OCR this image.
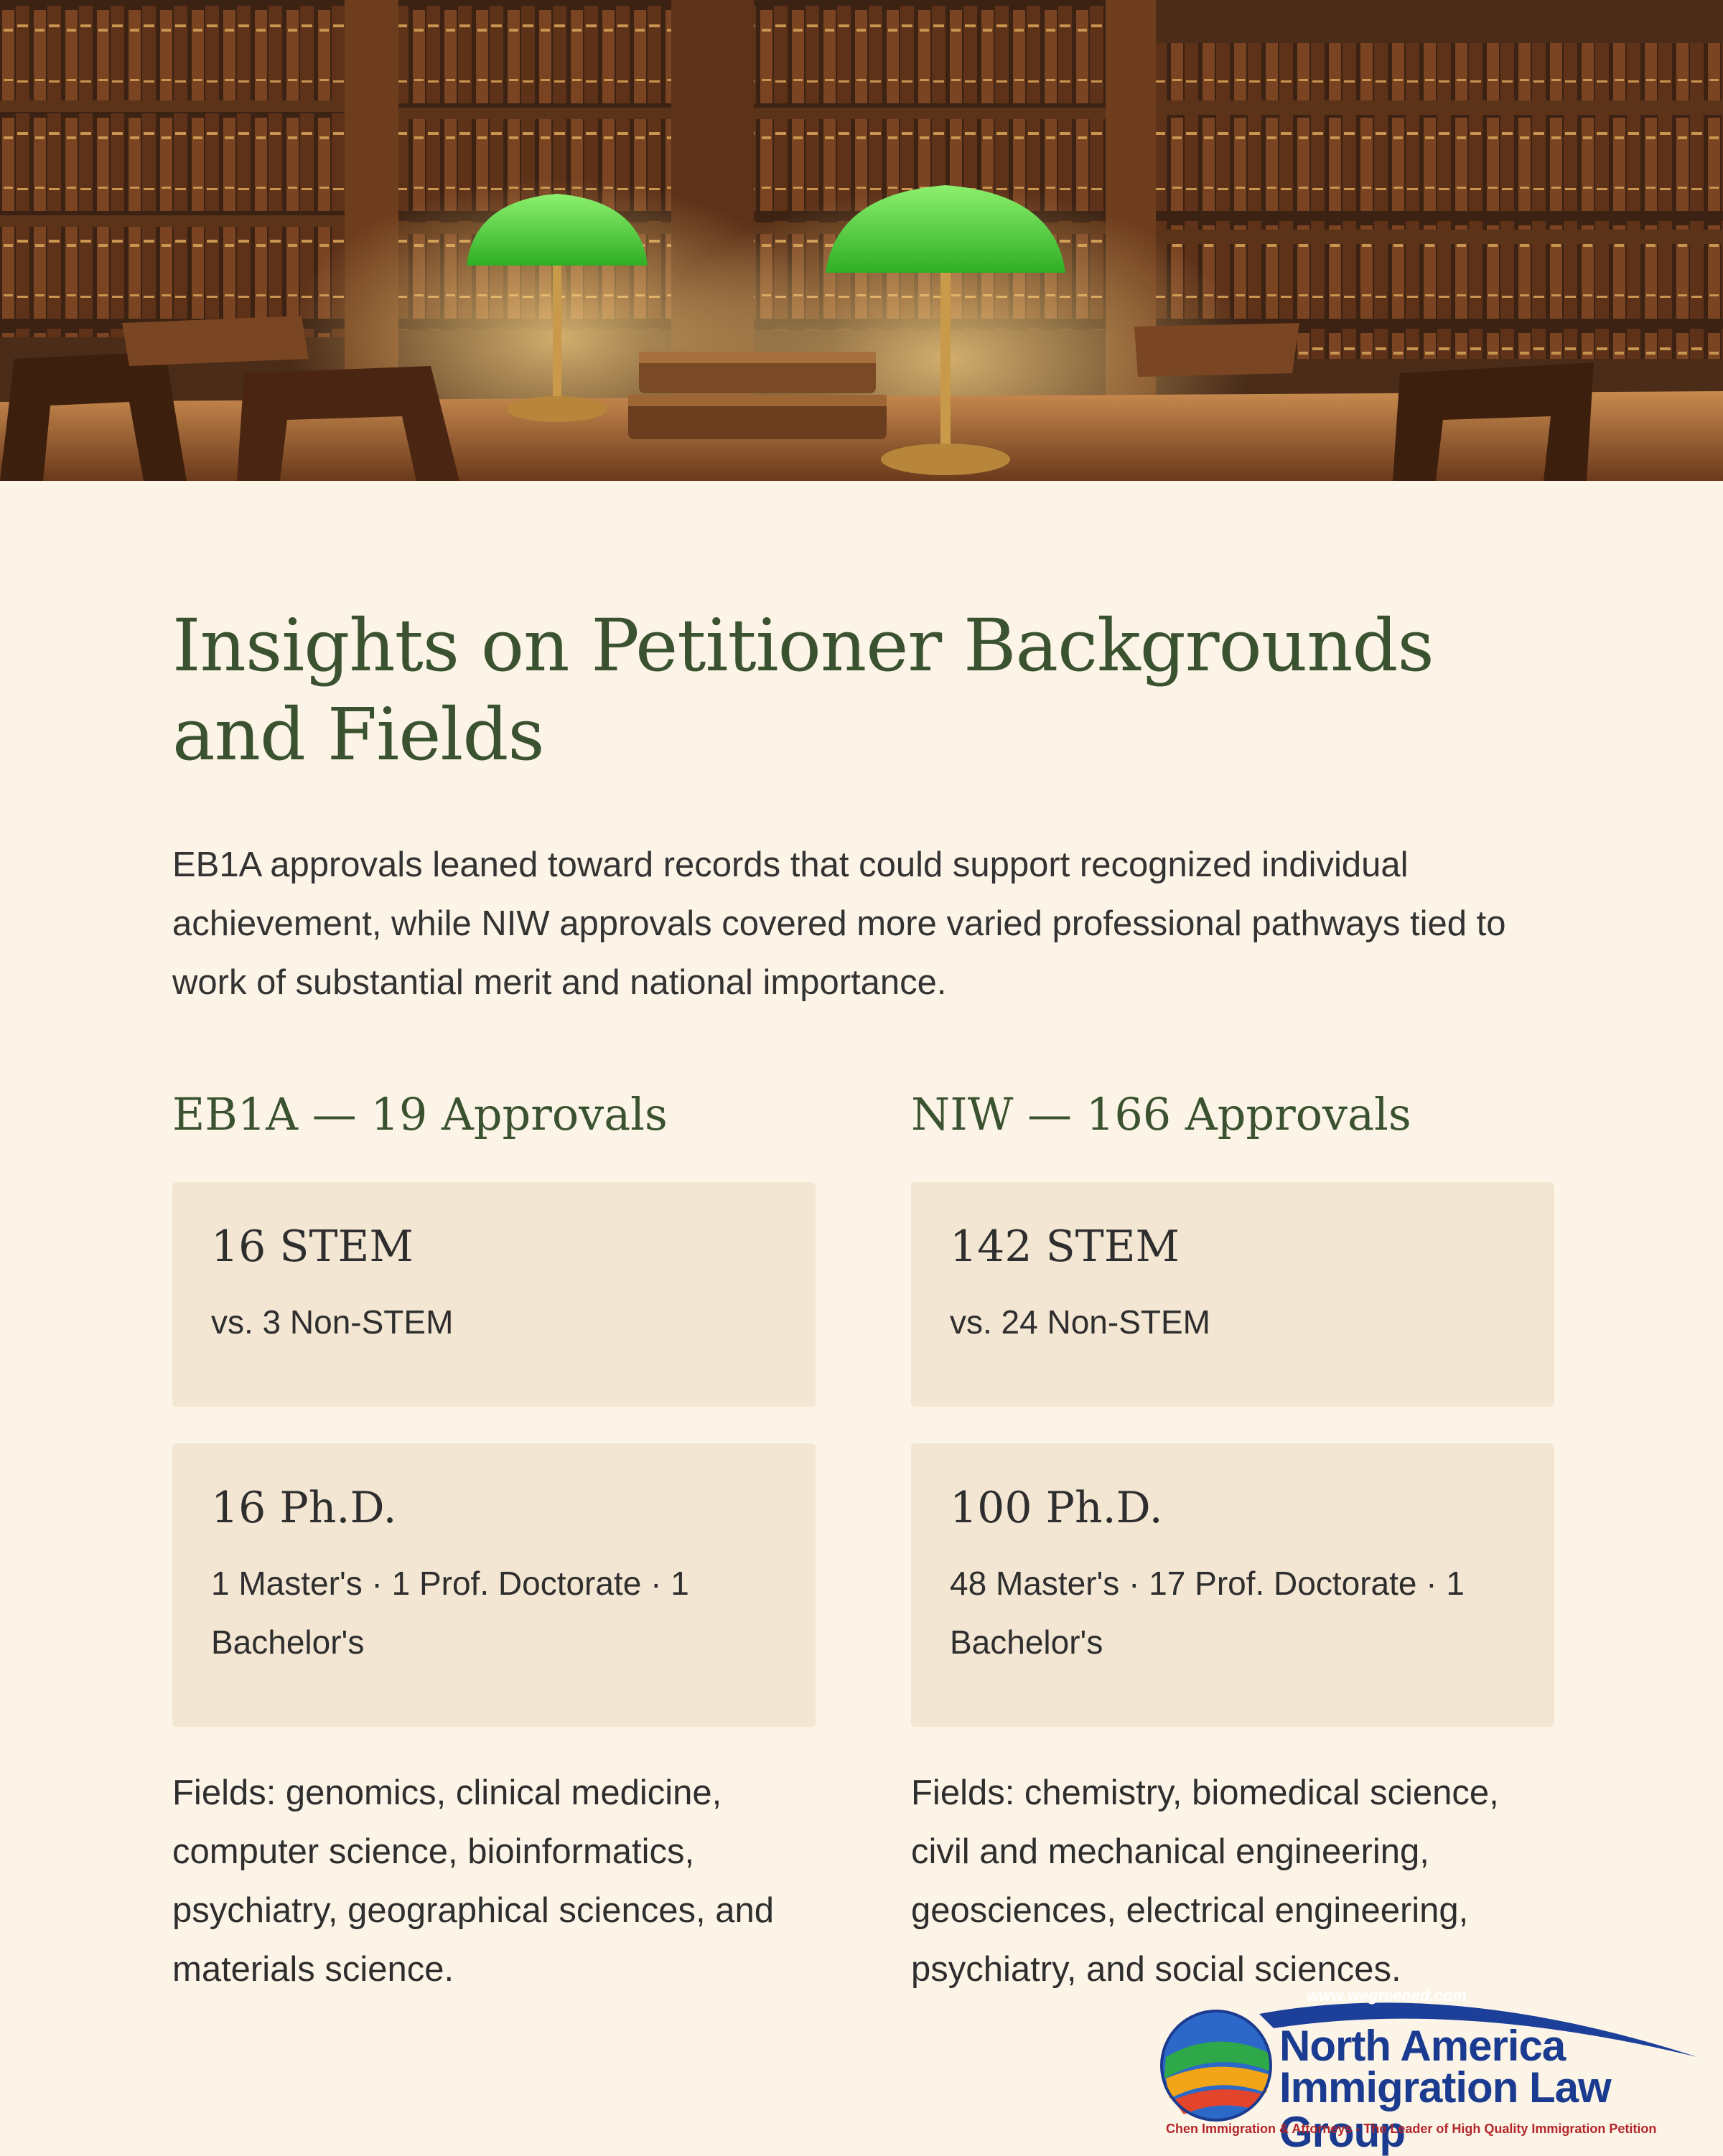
Insights on Petitioner Backgrounds and Fields

EB1A approvals leaned toward records that could support recognized individual achievement, while NIW approvals covered more varied professional pathways tied to work of substantial merit and national importance.

EB1A — 19 Approvals

16 STEM

vs. 3 Non-STEM

16 Ph.D.

1 Master's · 1 Prof. Doctorate · 1 Bachelor's

Fields: genomics, clinical medicine, computer science, bioinformatics, psychiatry, geographical sciences, and materials science.

NIW — 166 Approvals

142 STEM

vs. 24 Non-STEM

100 Ph.D.

48 Master's · 17 Prof. Doctorate · 1 Bachelor's

Fields: chemistry, biomedical science, civil and mechanical engineering, geosciences, electrical engineering, psychiatry, and social sciences.

www.wegreened.com
North America
Immigration Law Group
Chen Immigration & Attorneys - The Leader of High Quality Immigration Petition
